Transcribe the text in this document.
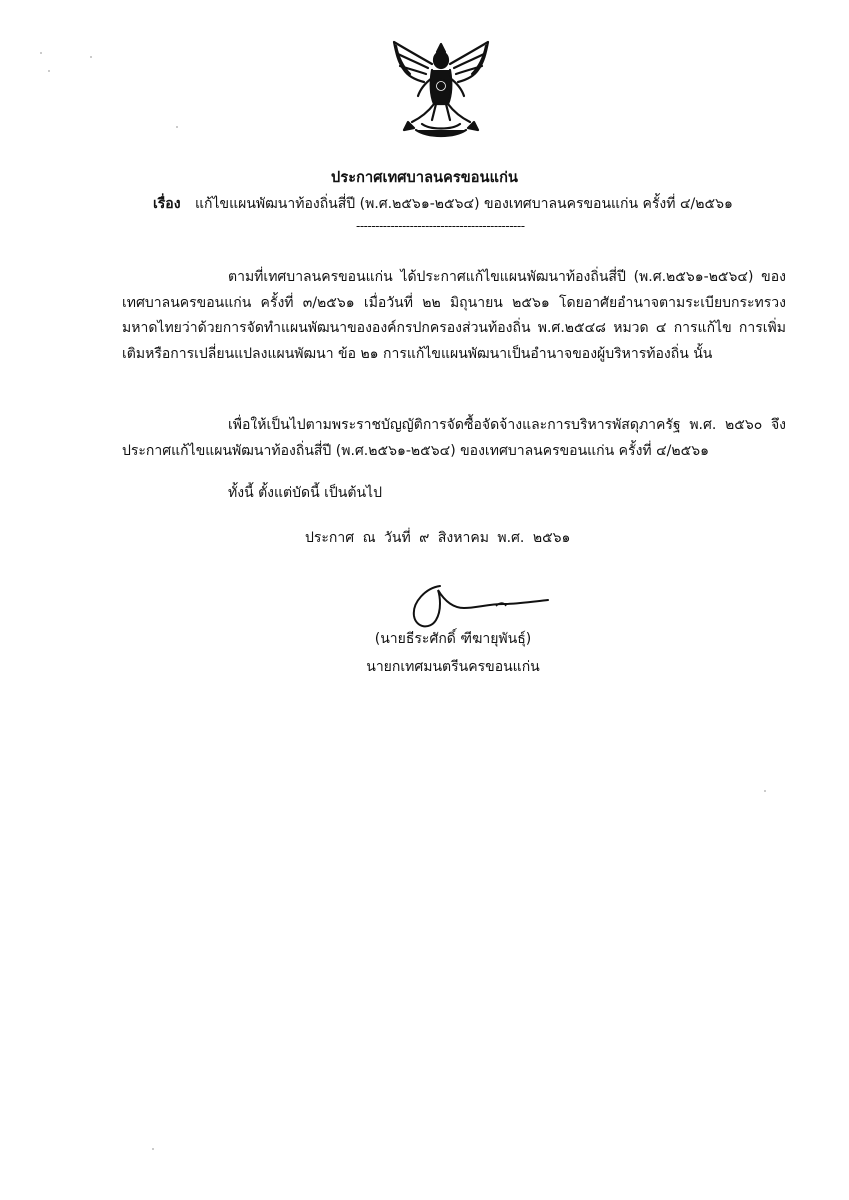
ประกาศเทศบาลนครขอนแก่น
เรื่อง แก้ไขแผนพัฒนาท้องถิ่นสี่ปี (พ.ศ.๒๕๖๑-๒๕๖๔) ของเทศบาลนครขอนแก่น ครั้งที่ ๔/๒๕๖๑
--------------------------------------------
ตามที่เทศบาลนครขอนแก่น ได้ประกาศแก้ไขแผนพัฒนาท้องถิ่นสี่ปี (พ.ศ.๒๕๖๑-๒๕๖๔) ของเทศบาลนครขอนแก่น ครั้งที่ ๓/๒๕๖๑ เมื่อวันที่ ๒๒ มิถุนายน ๒๕๖๑ โดยอาศัยอำนาจตามระเบียบกระทรวงมหาดไทยว่าด้วยการจัดทำแผนพัฒนาขององค์กรปกครองส่วนท้องถิ่น พ.ศ.๒๕๔๘ หมวด ๔ การแก้ไข การเพิ่มเติมหรือการเปลี่ยนแปลงแผนพัฒนา ข้อ ๒๑ การแก้ไขแผนพัฒนาเป็นอำนาจของผู้บริหารท้องถิ่น นั้น
เพื่อให้เป็นไปตามพระราชบัญญัติการจัดซื้อจัดจ้างและการบริหารพัสดุภาครัฐ พ.ศ. ๒๕๖๐ จึงประกาศแก้ไขแผนพัฒนาท้องถิ่นสี่ปี (พ.ศ.๒๕๖๑-๒๕๖๔) ของเทศบาลนครขอนแก่น ครั้งที่ ๔/๒๕๖๑
ทั้งนี้ ตั้งแต่บัดนี้ เป็นต้นไป
ประกาศ ณ วันที่ ๙ สิงหาคม พ.ศ. ๒๕๖๑
(นายธีระศักดิ์ ฑีฆายุพันธุ์)
นายกเทศมนตรีนครขอนแก่น
